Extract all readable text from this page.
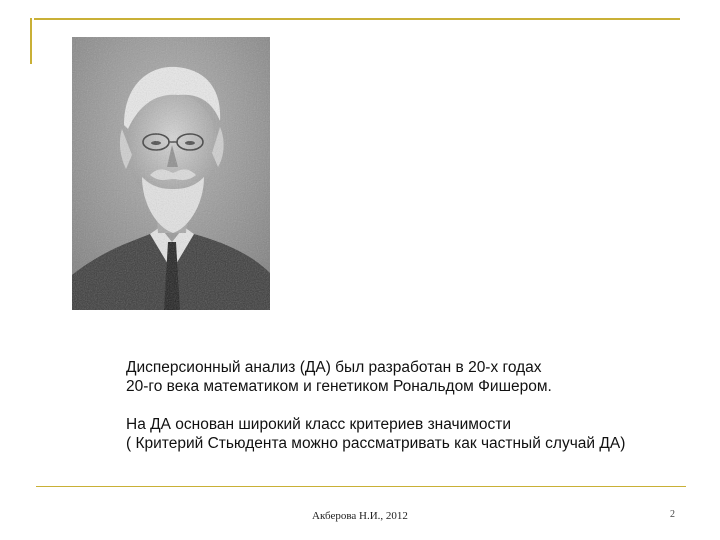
Дисперсионный анализ (ДА) был разработан в 20-х годах
20-го века математиком и генетиком Рональдом Фишером.

На ДА основан широкий класс критериев значимости
( Критерий Стьюдента можно рассматривать как частный случай ДА)

Акберова Н.И., 2012	2
